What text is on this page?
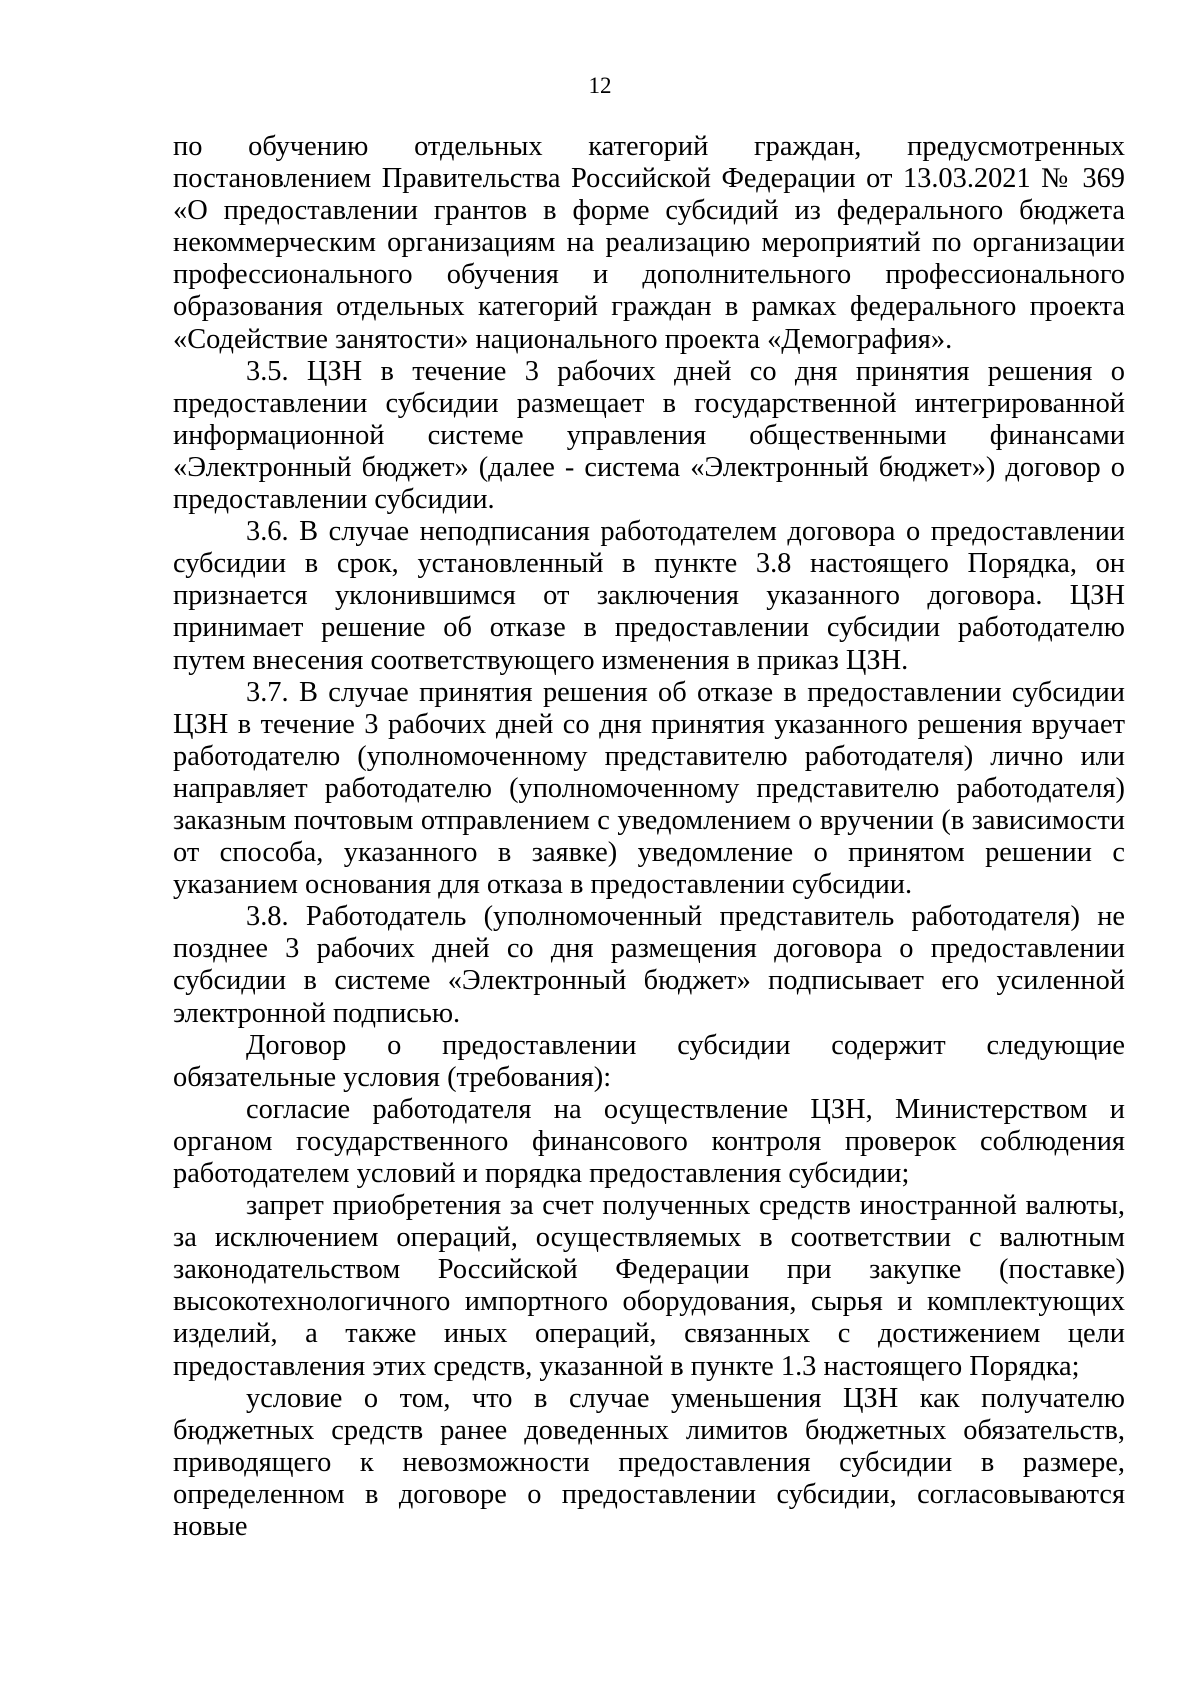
12

по обучению отдельных категорий граждан, предусмотренных постановлением Правительства Российской Федерации от 13.03.2021 № 369 «О предоставлении грантов в форме субсидий из федерального бюджета некоммерческим организациям на реализацию мероприятий по организации профессионального обучения и дополнительного профессионального образования отдельных категорий граждан в рамках федерального проекта «Содействие занятости» национального проекта «Демография».

3.5. ЦЗН в течение 3 рабочих дней со дня принятия решения о предоставлении субсидии размещает в государственной интегрированной информационной системе управления общественными финансами «Электронный бюджет» (далее - система «Электронный бюджет») договор о предоставлении субсидии.

3.6. В случае неподписания работодателем договора о предоставлении субсидии в срок, установленный в пункте 3.8 настоящего Порядка, он признается уклонившимся от заключения указанного договора. ЦЗН принимает решение об отказе в предоставлении субсидии работодателю путем внесения соответствующего изменения в приказ ЦЗН.

3.7. В случае принятия решения об отказе в предоставлении субсидии ЦЗН в течение 3 рабочих дней со дня принятия указанного решения вручает работодателю (уполномоченному представителю работодателя) лично или направляет работодателю (уполномоченному представителю работодателя) заказным почтовым отправлением с уведомлением о вручении (в зависимости от способа, указанного в заявке) уведомление о принятом решении с указанием основания для отказа в предоставлении субсидии.

3.8. Работодатель (уполномоченный представитель работодателя) не позднее 3 рабочих дней со дня размещения договора о предоставлении субсидии в системе «Электронный бюджет» подписывает его усиленной электронной подписью.

Договор о предоставлении субсидии содержит следующие обязательные условия (требования):

согласие работодателя на осуществление ЦЗН, Министерством и органом государственного финансового контроля проверок соблюдения работодателем условий и порядка предоставления субсидии;

запрет приобретения за счет полученных средств иностранной валюты, за исключением операций, осуществляемых в соответствии с валютным законодательством Российской Федерации при закупке (поставке) высокотехнологичного импортного оборудования, сырья и комплектующих изделий, а также иных операций, связанных с достижением цели предоставления этих средств, указанной в пункте 1.3 настоящего Порядка;

условие о том, что в случае уменьшения ЦЗН как получателю бюджетных средств ранее доведенных лимитов бюджетных обязательств, приводящего к невозможности предоставления субсидии в размере, определенном в договоре о предоставлении субсидии, согласовываются новые
